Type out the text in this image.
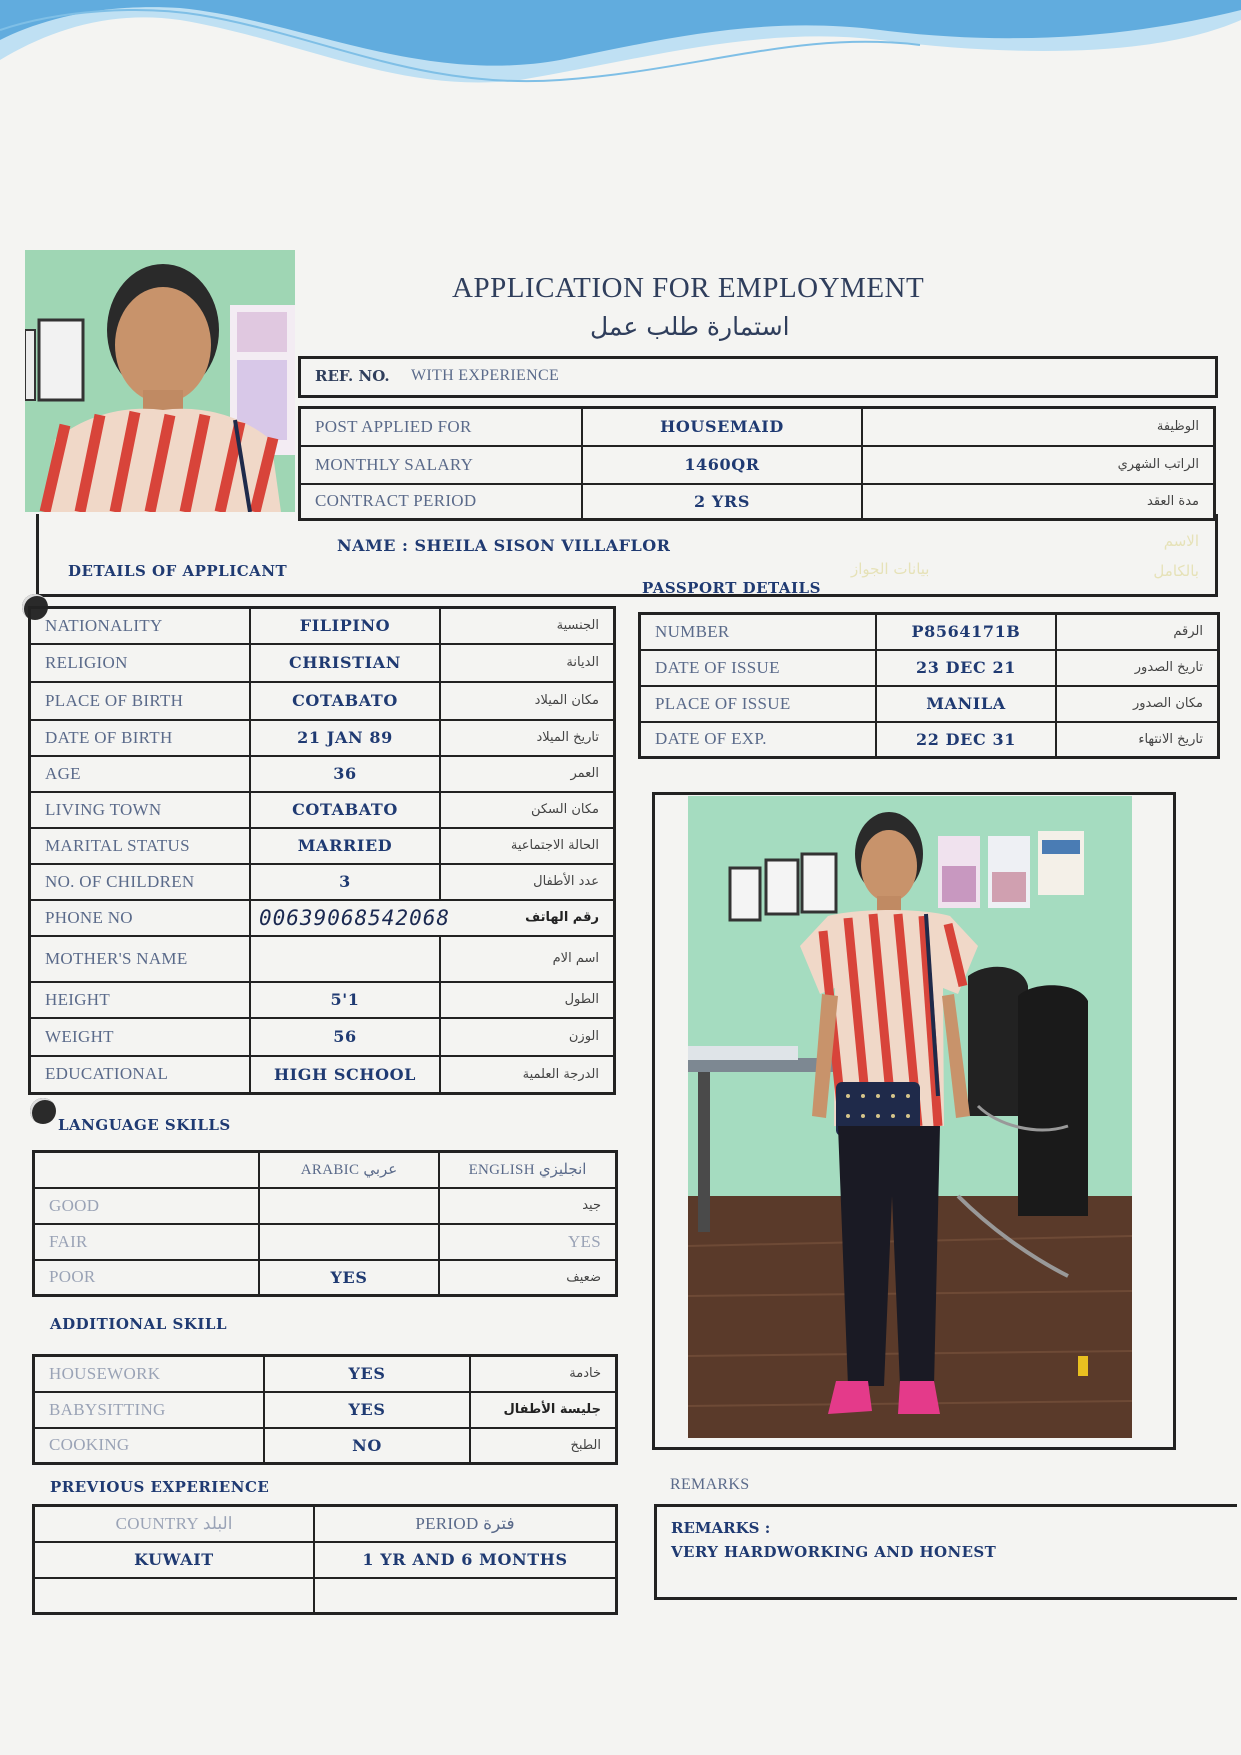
APPLICATION FOR EMPLOYMENT
استمارة طلب عمل
REF. NO. WITH EXPERIENCE
POST APPLIED FOR	HOUSEMAID	الوظيفة
MONTHLY SALARY	1460QR	الراتب الشهري
CONTRACT PERIOD	2 YRS	مدة العقد
NAME : SHEILA SISON VILLAFLOR	الاسم
بالكامل
بيانات الجواز
DETAILS OF APPLICANT
PASSPORT DETAILS
NATIONALITY	FILIPINO	الجنسية
RELIGION	CHRISTIAN	الديانة
PLACE OF BIRTH	COTABATO	مكان الميلاد
DATE OF BIRTH	21 JAN 89	تاريخ الميلاد
AGE	36	العمر
LIVING TOWN	COTABATO	مكان السكن
MARITAL STATUS	MARRIED	الحالة الاجتماعية
NO. OF CHILDREN	3	عدد الأطفال
PHONE NO	00639068542068 رقم الهاتف	

MOTHER'S NAME		اسم الام
HEIGHT	5'1	الطول
WEIGHT	56	الوزن
EDUCATIONAL	HIGH SCHOOL	الدرجة العلمية
NUMBER	P8564171B	الرقم
DATE OF ISSUE	23 DEC 21	تاريخ الصدور
PLACE OF ISSUE	MANILA	مكان الصدور
DATE OF EXP.	22 DEC 31	تاريخ الانتهاء
LANGUAGE SKILLS
	ARABIC عربي	ENGLISH انجليزي
GOOD		جيد
FAIR		YES
POOR	YES	ضعيف
ADDITIONAL SKILL
HOUSEWORK	YES	خادمة
BABYSITTING	YES	جليسة الأطفال
COOKING	NO	الطبخ
PREVIOUS EXPERIENCE
COUNTRY البلد	PERIOD فترة
KUWAIT	1 YR AND 6 MONTHS

REMARKS
REMARKS :
VERY HARDWORKING AND HONEST
